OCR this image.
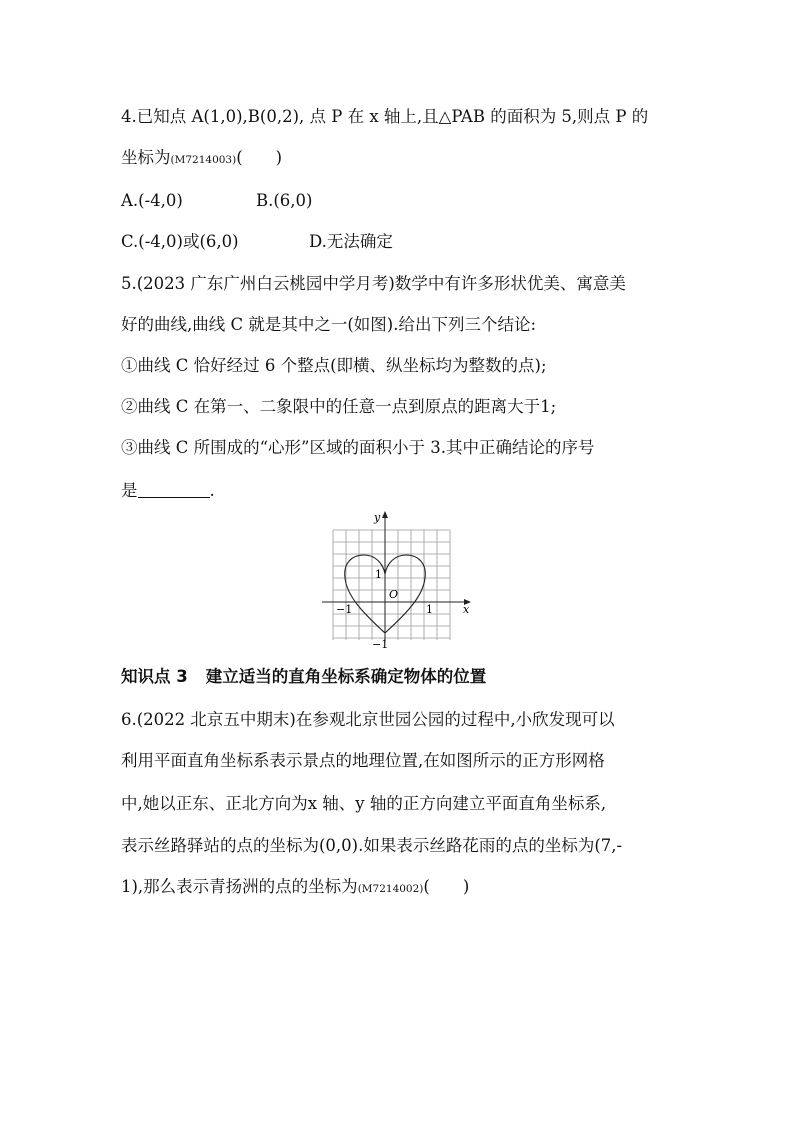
4.已知点 A(1,0),B(0,2), 点 P 在 x 轴上,且△PAB 的面积为 5,则点 P 的
坐标为(M7214003)(　　)
A.(-4,0)	B.(6,0)
C.(-4,0)或(6,0)	D.无法确定
5.(2023 广东广州白云桃园中学月考)数学中有许多形状优美、寓意美
好的曲线,曲线 C 就是其中之一(如图).给出下列三个结论:
①曲线 C 恰好经过 6 个整点(即横、纵坐标均为整数的点);
②曲线 C 在第一、二象限中的任意一点到原点的距离大于1;
③曲线 C 所围成的“心形”区域的面积小于 3.其中正确结论的序号
是	.
y
x
O
1
−1	1
−1
知识点 3 建立适当的直角坐标系确定物体的位置
6.(2022 北京五中期末)在参观北京世园公园的过程中,小欣发现可以
利用平面直角坐标系表示景点的地理位置,在如图所示的正方形网格
中,她以正东、正北方向为x 轴、y 轴的正方向建立平面直角坐标系,
表示丝路驿站的点的坐标为(0,0).如果表示丝路花雨的点的坐标为(7,-
1),那么表示青扬洲的点的坐标为(M7214002)(　　)
